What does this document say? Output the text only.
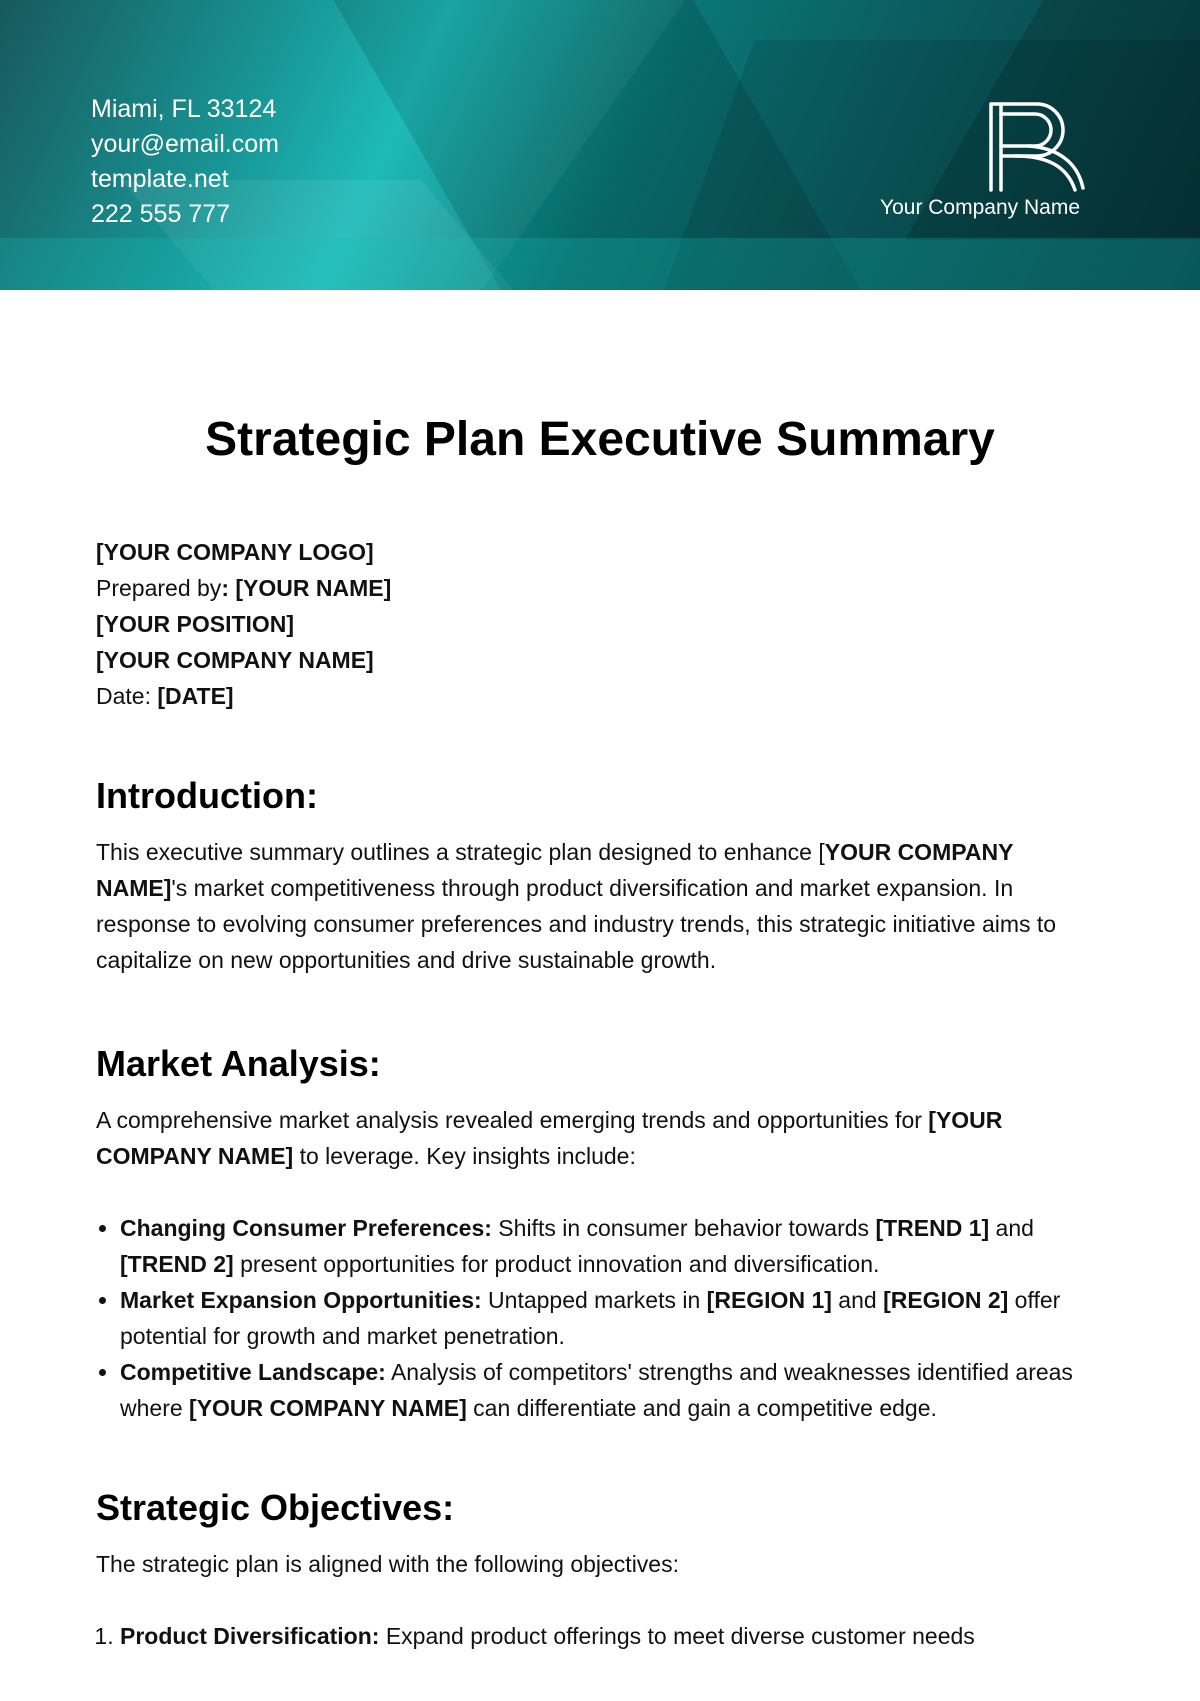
Miami, FL 33124
your@email.com
template.net
222 555 777	Your Company Name
Strategic Plan Executive Summary
[YOUR COMPANY LOGO]
Prepared by: [YOUR NAME]
[YOUR POSITION]
[YOUR COMPANY NAME]
Date: [DATE]
Introduction:

This executive summary outlines a strategic plan designed to enhance [YOUR COMPANY NAME]'s market competitiveness through product diversification and market expansion. In response to evolving consumer preferences and industry trends, this strategic initiative aims to capitalize on new opportunities and drive sustainable growth.

Market Analysis:

A comprehensive market analysis revealed emerging trends and opportunities for [YOUR COMPANY NAME] to leverage. Key insights include:

• Changing Consumer Preferences: Shifts in consumer behavior towards [TREND 1] and [TREND 2] present opportunities for product innovation and diversification.
• Market Expansion Opportunities: Untapped markets in [REGION 1] and [REGION 2] offer potential for growth and market penetration.
• Competitive Landscape: Analysis of competitors' strengths and weaknesses identified areas where [YOUR COMPANY NAME] can differentiate and gain a competitive edge.
Strategic Objectives:

The strategic plan is aligned with the following objectives:

1. Product Diversification: Expand product offerings to meet diverse customer needs
